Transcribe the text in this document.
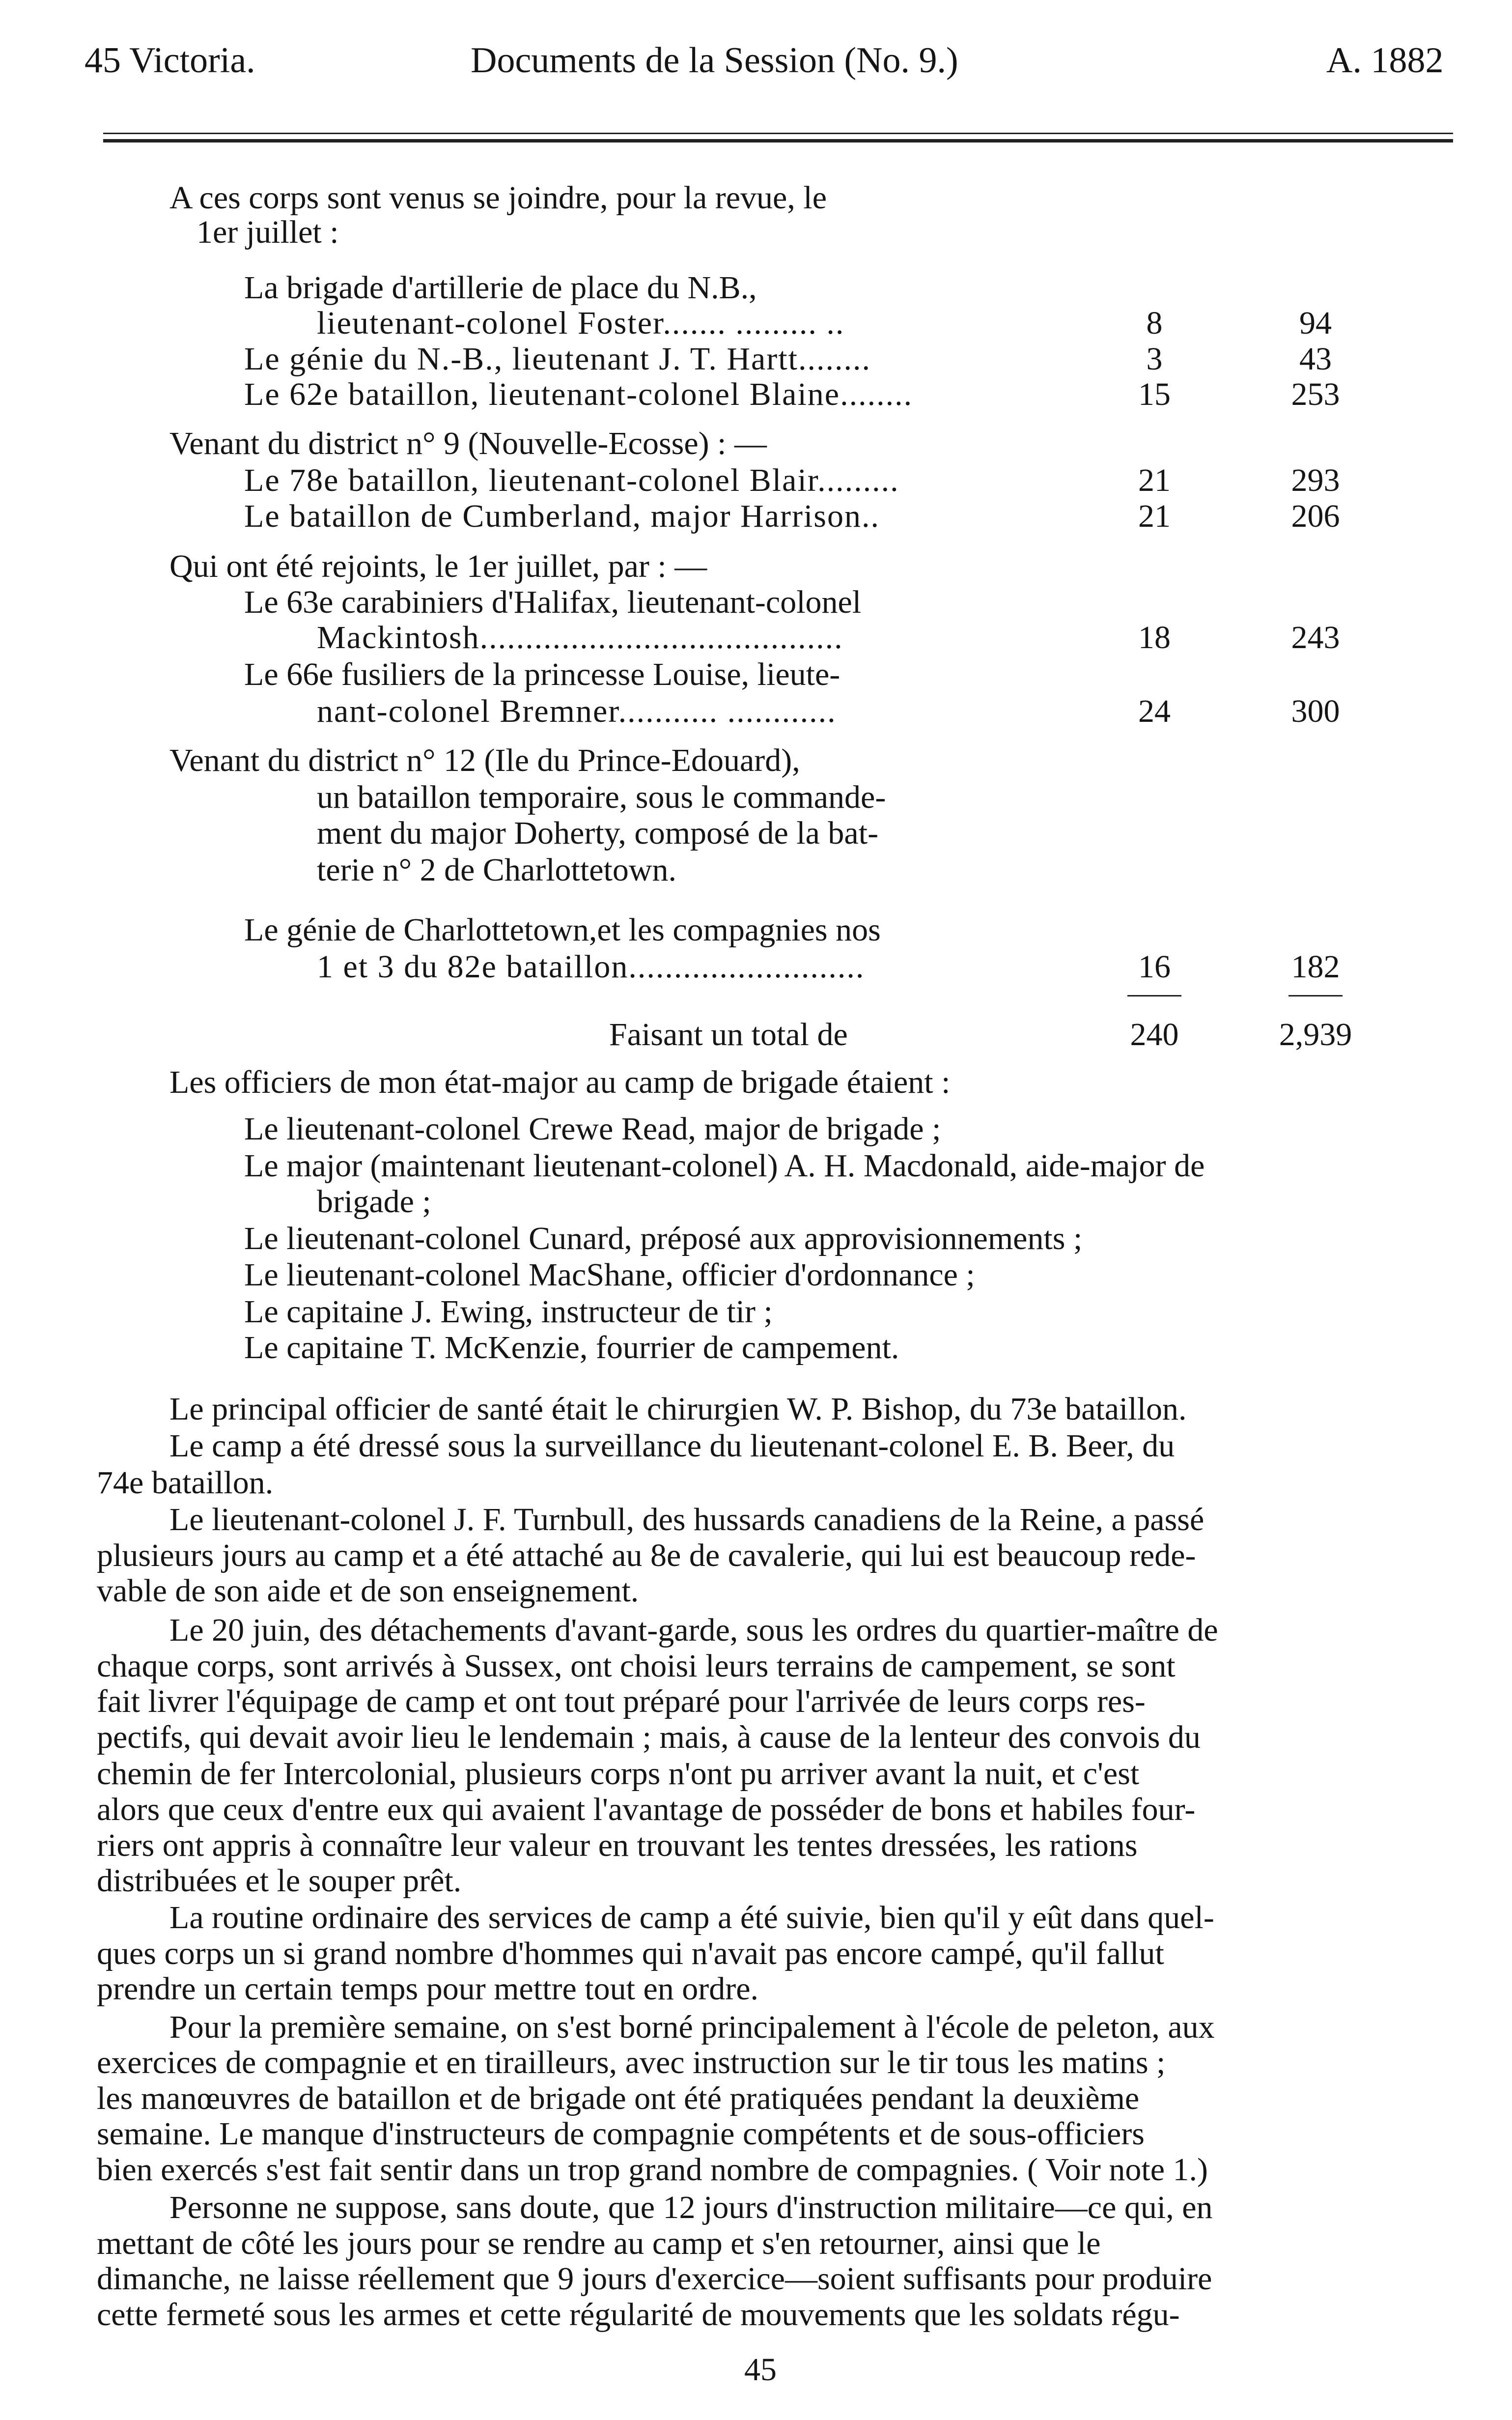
45 Victoria.	Documents de la Session (No. 9.)	A. 1882
A ces corps sont venus se joindre, pour la revue, le
1er juillet :
La brigade d'artillerie de place du N.B.,
lieutenant-colonel Foster....... ......... ..	8	94
Le génie du N.-B., lieutenant J. T. Hartt........	3	43
Le 62e bataillon, lieutenant-colonel Blaine........	15	253
Venant du district n° 9 (Nouvelle-Ecosse) : —
Le 78e bataillon, lieutenant-colonel Blair.........	21	293
Le bataillon de Cumberland, major Harrison..	21	206
Qui ont été rejoints, le 1er juillet, par : —
Le 63e carabiniers d'Halifax, lieutenant-colonel
Mackintosh........................................	18	243
Le 66e fusiliers de la princesse Louise, lieute-
nant-colonel Bremner........... ............	24	300
Venant du district n° 12 (Ile du Prince-Edouard),
un bataillon temporaire, sous le commande-
ment du major Doherty, composé de la bat-
terie n° 2 de Charlottetown.
Le génie de Charlottetown,et les compagnies nos
1 et 3 du 82e bataillon..........................	16	182
Faisant un total de	240	2,939
Les officiers de mon état-major au camp de brigade étaient :
Le lieutenant-colonel Crewe Read, major de brigade ;
Le major (maintenant lieutenant-colonel) A. H. Macdonald, aide-major de
brigade ;
Le lieutenant-colonel Cunard, préposé aux approvisionnements ;
Le lieutenant-colonel MacShane, officier d'ordonnance ;
Le capitaine J. Ewing, instructeur de tir ;
Le capitaine T. McKenzie, fourrier de campement.
Le principal officier de santé était le chirurgien W. P. Bishop, du 73e bataillon.
Le camp a été dressé sous la surveillance du lieutenant-colonel E. B. Beer, du
74e bataillon.
Le lieutenant-colonel J. F. Turnbull, des hussards canadiens de la Reine, a passé
plusieurs jours au camp et a été attaché au 8e de cavalerie, qui lui est beaucoup rede-
vable de son aide et de son enseignement.
Le 20 juin, des détachements d'avant-garde, sous les ordres du quartier-maître de
chaque corps, sont arrivés à Sussex, ont choisi leurs terrains de campement, se sont
fait livrer l'équipage de camp et ont tout préparé pour l'arrivée de leurs corps res-
pectifs, qui devait avoir lieu le lendemain ; mais, à cause de la lenteur des convois du
chemin de fer Intercolonial, plusieurs corps n'ont pu arriver avant la nuit, et c'est
alors que ceux d'entre eux qui avaient l'avantage de posséder de bons et habiles four-
riers ont appris à connaître leur valeur en trouvant les tentes dressées, les rations
distribuées et le souper prêt.
La routine ordinaire des services de camp a été suivie, bien qu'il y eût dans quel-
ques corps un si grand nombre d'hommes qui n'avait pas encore campé, qu'il fallut
prendre un certain temps pour mettre tout en ordre.
Pour la première semaine, on s'est borné principalement à l'école de peleton, aux
exercices de compagnie et en tirailleurs, avec instruction sur le tir tous les matins ;
les manœuvres de bataillon et de brigade ont été pratiquées pendant la deuxième
semaine. Le manque d'instructeurs de compagnie compétents et de sous-officiers
bien exercés s'est fait sentir dans un trop grand nombre de compagnies. ( Voir note 1.)
Personne ne suppose, sans doute, que 12 jours d'instruction militaire—ce qui, en
mettant de côté les jours pour se rendre au camp et s'en retourner, ainsi que le
dimanche, ne laisse réellement que 9 jours d'exercice—soient suffisants pour produire
cette fermeté sous les armes et cette régularité de mouvements que les soldats régu-
45
